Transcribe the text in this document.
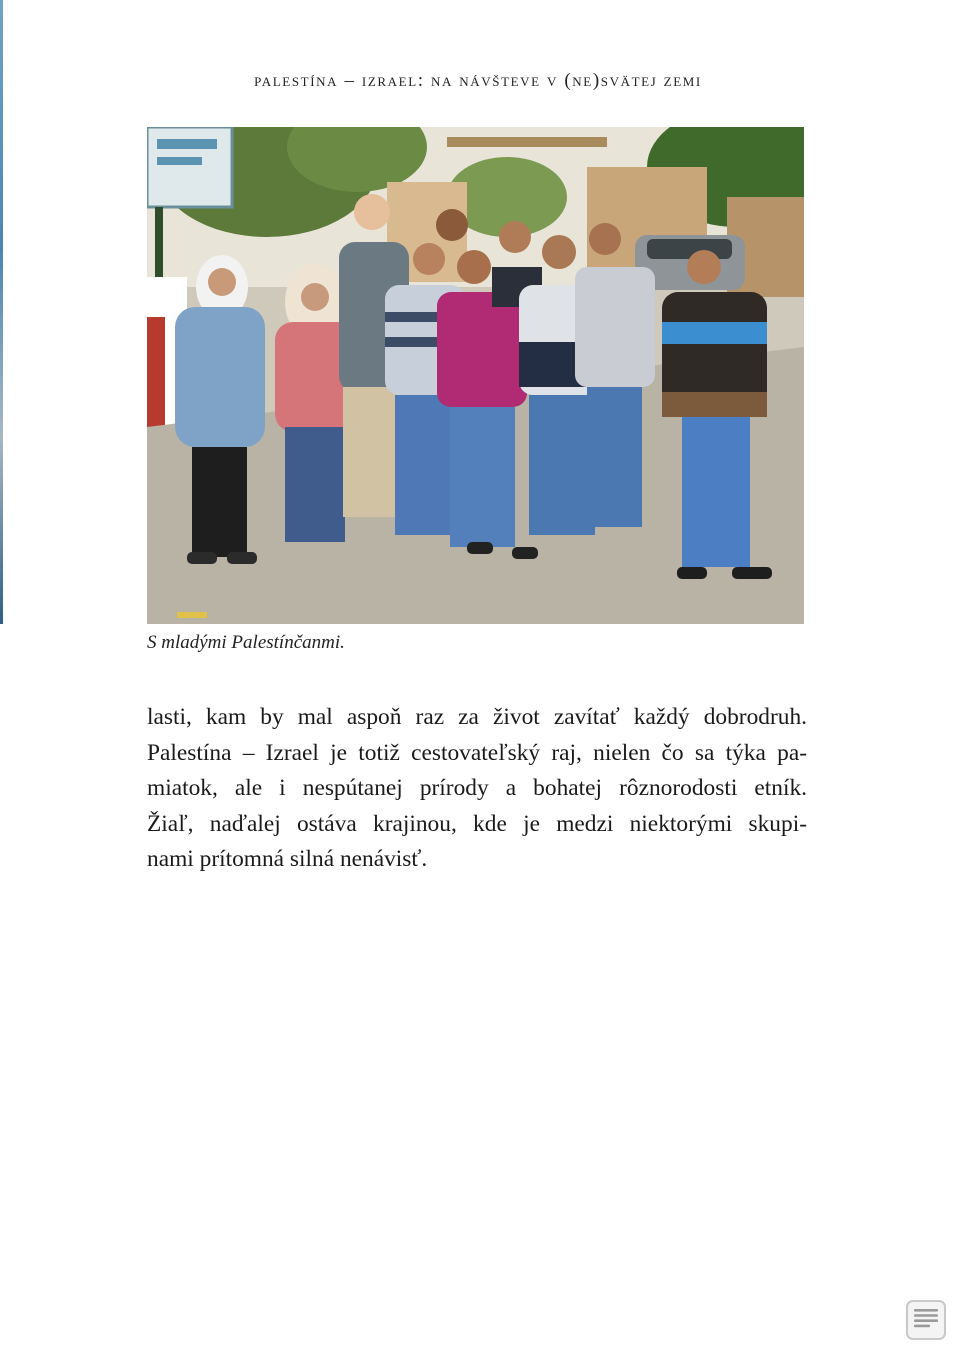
palestína – izrael: na návšteve v (ne)svätej zemi
S mladými Palestínčanmi.
lasti, kam by mal aspoň raz za život zavítať každý dobrodruh.
Palestína – Izrael je totiž cestovateľský raj, nielen čo sa týka pa-
miatok, ale i nespútanej prírody a bohatej rôznorodosti etník.
Žiaľ, naďalej ostáva krajinou, kde je medzi niektorými skupi-
nami prítomná silná nenávisť.
